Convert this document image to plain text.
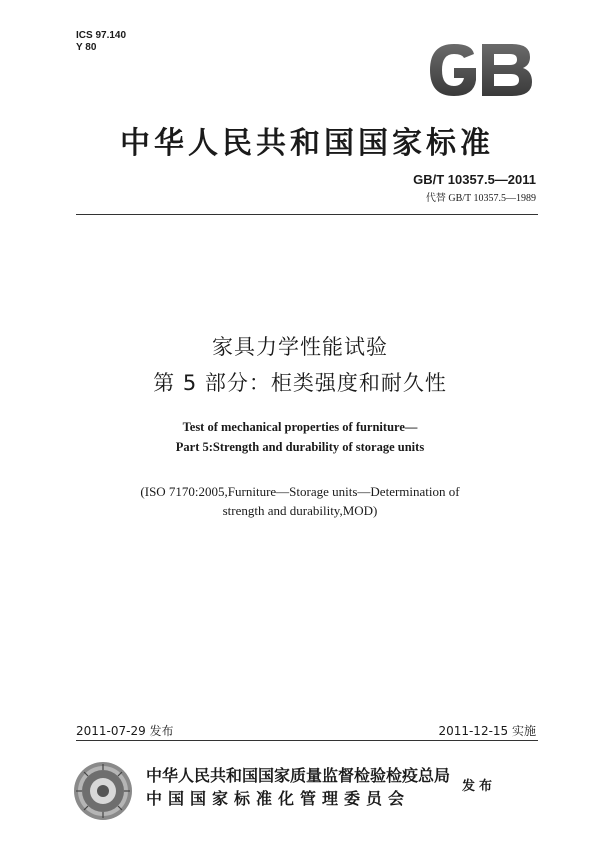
ICS 97.140
Y 80
中华人民共和国国家标准
GB/T 10357.5—2011
代替 GB/T 10357.5—1989
家具力学性能试验
第 5 部分：柜类强度和耐久性
Test of mechanical properties of furniture—
Part 5:Strength and durability of storage units
(ISO 7170:2005,Furniture—Storage units—Determination of
strength and durability,MOD)
2011-07-29 发布	2011-12-15 实施
中华人民共和国国家质量监督检验检疫总局
中国国家标准化管理委员会
发布
